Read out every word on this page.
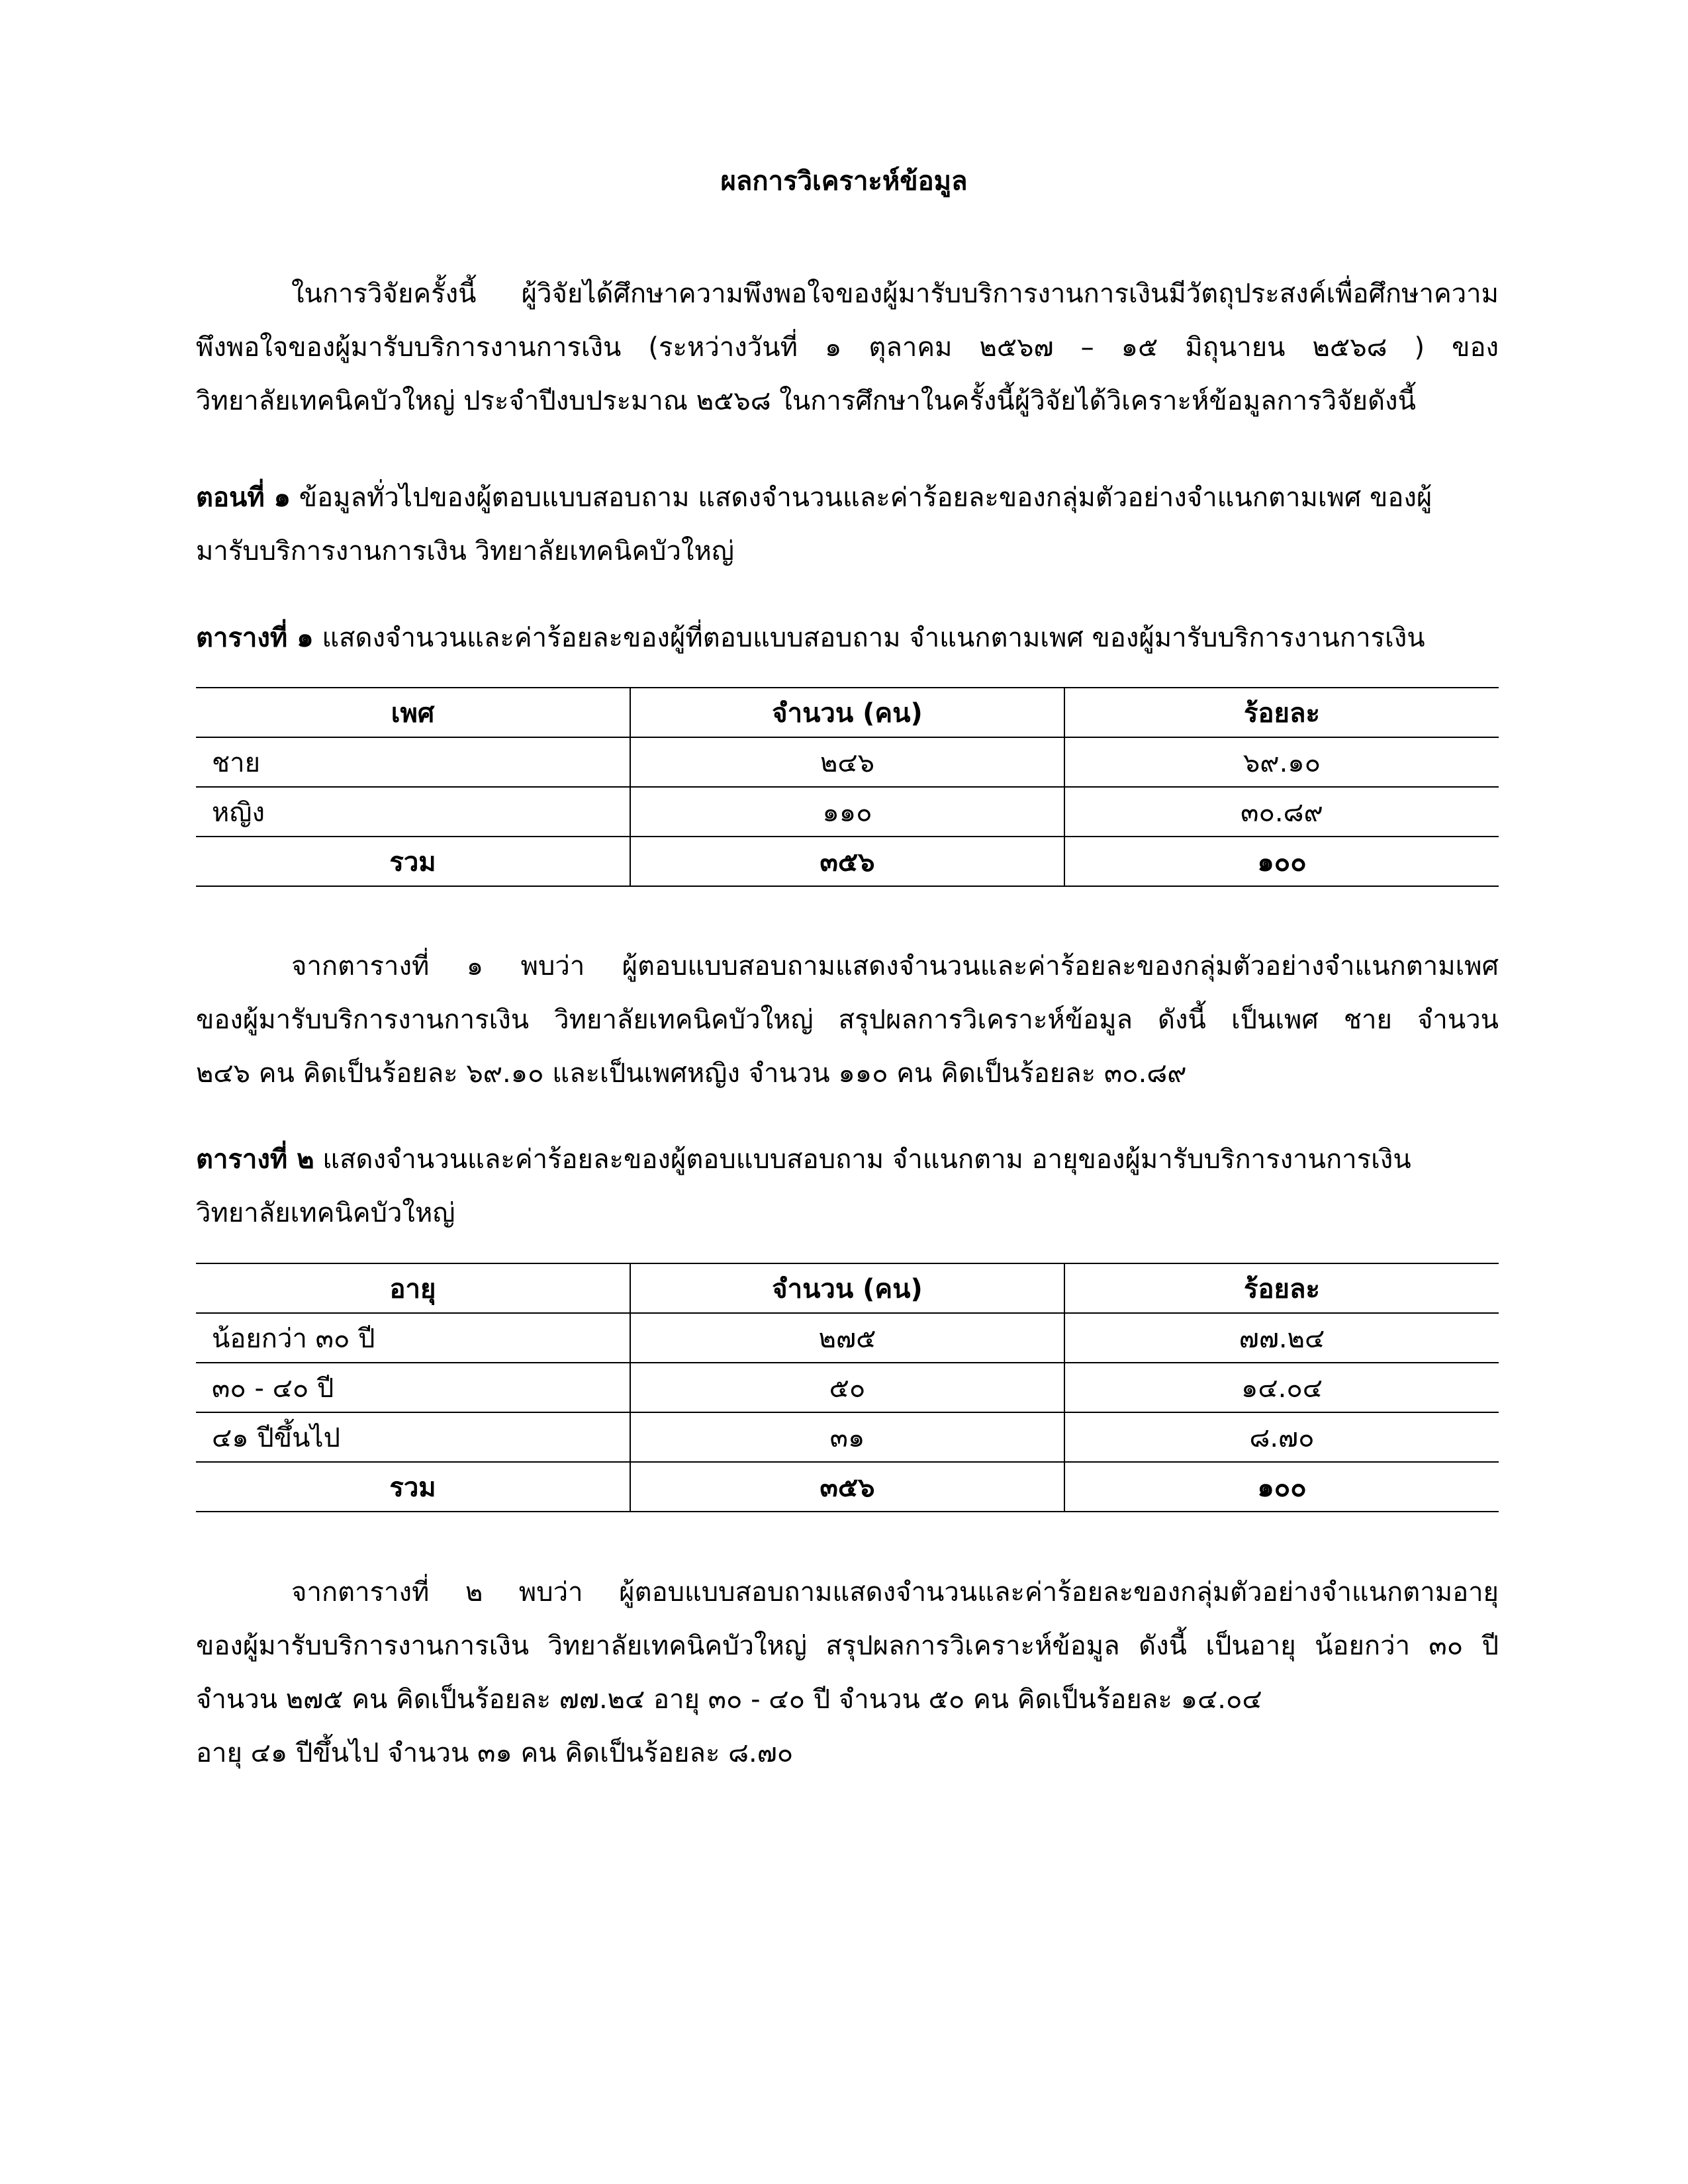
ผลการวิเคราะห์ข้อมูล
ในการวิจัยครั้งนี้ ผู้วิจัยได้ศึกษาความพึงพอใจของผู้มารับบริการงานการเงินมีวัตถุประสงค์เพื่อศึกษาความ
พึงพอใจของผู้มารับบริการงานการเงิน (ระหว่างวันที่ ๑ ตุลาคม ๒๕๖๗ – ๑๕ มิถุนายน ๒๕๖๘ ) ของ
วิทยาลัยเทคนิคบัวใหญ่ ประจำปีงบประมาณ ๒๕๖๘ ในการศึกษาในครั้งนี้ผู้วิจัยได้วิเคราะห์ข้อมูลการวิจัยดังนี้
ตอนที่ ๑ ข้อมูลทั่วไปของผู้ตอบแบบสอบถาม แสดงจำนวนและค่าร้อยละของกลุ่มตัวอย่างจำแนกตามเพศ ของผู้
มารับบริการงานการเงิน วิทยาลัยเทคนิคบัวใหญ่
ตารางที่ ๑ แสดงจำนวนและค่าร้อยละของผู้ที่ตอบแบบสอบถาม จำแนกตามเพศ ของผู้มารับบริการงานการเงิน
เพศ	จำนวน (คน)	ร้อยละ
ชาย	๒๔๖	๖๙.๑๐
หญิง	๑๑๐	๓๐.๘๙
รวม	๓๕๖	๑๐๐
จากตารางที่ ๑ พบว่า ผู้ตอบแบบสอบถามแสดงจำนวนและค่าร้อยละของกลุ่มตัวอย่างจำแนกตามเพศ
ของผู้มารับบริการงานการเงิน วิทยาลัยเทคนิคบัวใหญ่ สรุปผลการวิเคราะห์ข้อมูล ดังนี้ เป็นเพศ ชาย จำนวน
๒๔๖ คน คิดเป็นร้อยละ ๖๙.๑๐ และเป็นเพศหญิง จำนวน ๑๑๐ คน คิดเป็นร้อยละ ๓๐.๘๙
ตารางที่ ๒ แสดงจำนวนและค่าร้อยละของผู้ตอบแบบสอบถาม จำแนกตาม อายุของผู้มารับบริการงานการเงิน
วิทยาลัยเทคนิคบัวใหญ่
อายุ	จำนวน (คน)	ร้อยละ
น้อยกว่า ๓๐ ปี	๒๗๕	๗๗.๒๔
๓๐ - ๔๐ ปี	๕๐	๑๔.๐๔
๔๑ ปีขึ้นไป	๓๑	๘.๗๐
รวม	๓๕๖	๑๐๐
จากตารางที่ ๒ พบว่า ผู้ตอบแบบสอบถามแสดงจำนวนและค่าร้อยละของกลุ่มตัวอย่างจำแนกตามอายุ
ของผู้มารับบริการงานการเงิน วิทยาลัยเทคนิคบัวใหญ่ สรุปผลการวิเคราะห์ข้อมูล ดังนี้ เป็นอายุ น้อยกว่า ๓๐ ปี
จำนวน ๒๗๕ คน คิดเป็นร้อยละ ๗๗.๒๔ อายุ ๓๐ - ๔๐ ปี จำนวน ๕๐ คน คิดเป็นร้อยละ ๑๔.๐๔
อายุ ๔๑ ปีขึ้นไป จำนวน ๓๑ คน คิดเป็นร้อยละ ๘.๗๐
